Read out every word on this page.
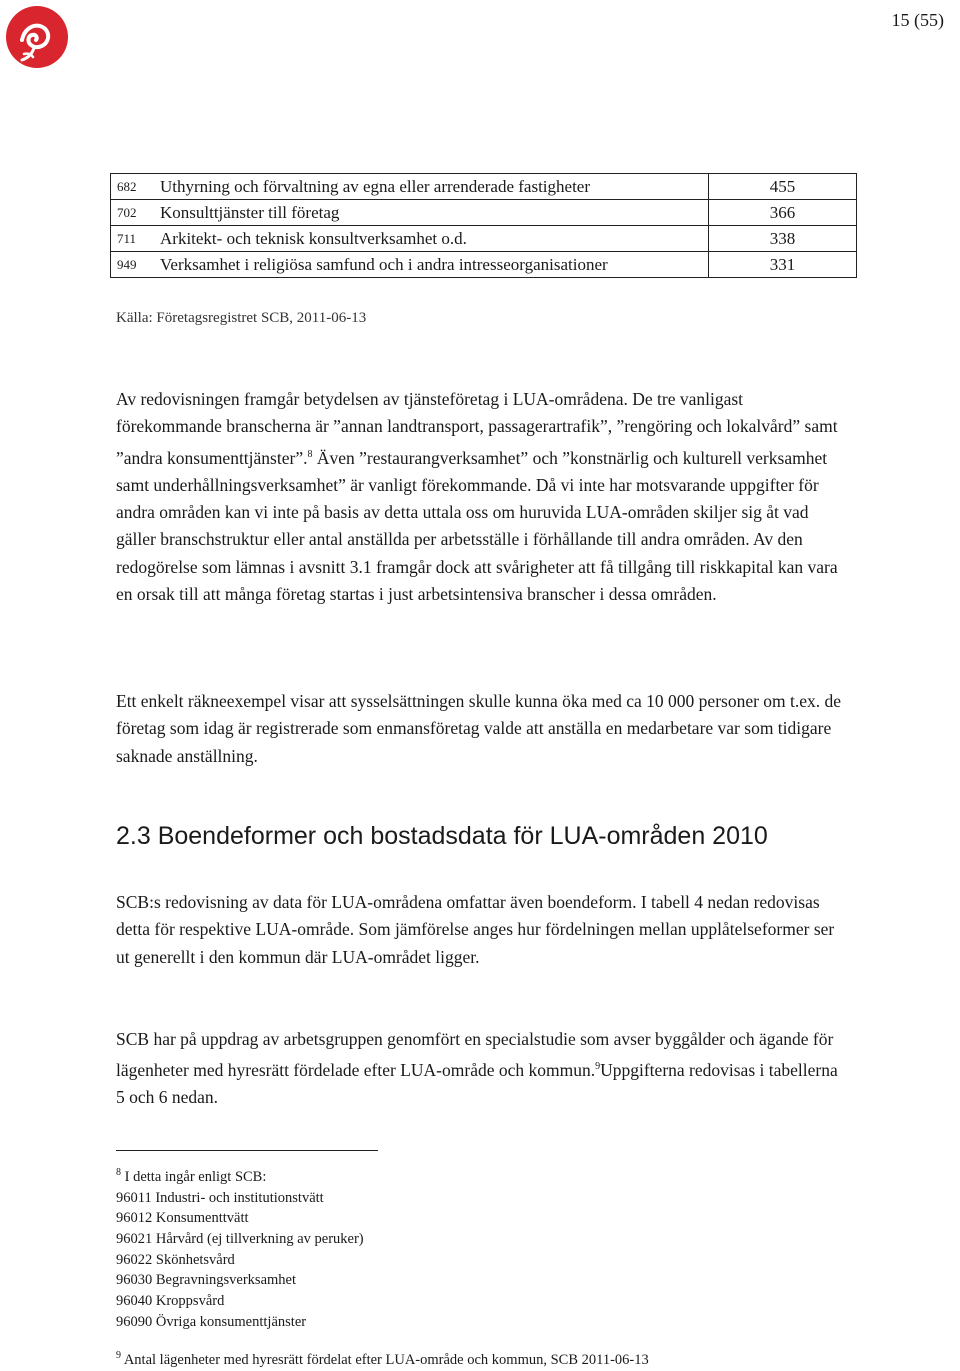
15 (55)
682	Uthyrning och förvaltning av egna eller arrenderade fastigheter	455
702	Konsulttjänster till företag	366
711	Arkitekt- och teknisk konsultverksamhet o.d.	338
949	Verksamhet i religiösa samfund och i andra intresseorganisationer	331
Källa: Företagsregistret SCB, 2011-06-13
Av redovisningen framgår betydelsen av tjänsteföretag i LUA-områdena. De tre vanligast förekommande branscherna är ”annan landtransport, passagerartrafik”, ”rengöring och lokalvård” samt ”andra konsumenttjänster”.$^8$ Även ”restaurangverksamhet” och ”konstnärlig och kulturell verksamhet samt underhållningsverksamhet” är vanligt förekommande. Då vi inte har motsvarande uppgifter för andra områden kan vi inte på basis av detta uttala oss om huruvida LUA-områden skiljer sig åt vad gäller branschstruktur eller antal anställda per arbetsställe i förhållande till andra områden. Av den redogörelse som lämnas i avsnitt 3.1 framgår dock att svårigheter att få tillgång till riskkapital kan vara en orsak till att många företag startas i just arbetsintensiva branscher i dessa områden.
Ett enkelt räkneexempel visar att sysselsättningen skulle kunna öka med ca 10 000 personer om t.ex. de företag som idag är registrerade som enmansföretag valde att anställa en medarbetare var som tidigare saknade anställning.
2.3 Boendeformer och bostadsdata för LUA-områden 2010
SCB:s redovisning av data för LUA-områdena omfattar även boendeform. I tabell 4 nedan redovisas detta för respektive LUA-område. Som jämförelse anges hur fördelningen mellan upplåtelseformer ser ut generellt i den kommun där LUA-området ligger.
SCB har på uppdrag av arbetsgruppen genomfört en specialstudie som avser byggålder och ägande för lägenheter med hyresrätt fördelade efter LUA-område och kommun.$^9$Uppgifterna redovisas i tabellerna 5 och 6 nedan.
$^8$ I detta ingår enligt SCB:
96011 Industri- och institutionstvätt
96012 Konsumenttvätt
96021 Hårvård (ej tillverkning av peruker)
96022 Skönhetsvård
96030 Begravningsverksamhet
96040 Kroppsvård
96090 Övriga konsumenttjänster
$^9$ Antal lägenheter med hyresrätt fördelat efter LUA-område och kommun, SCB 2011-06-13
